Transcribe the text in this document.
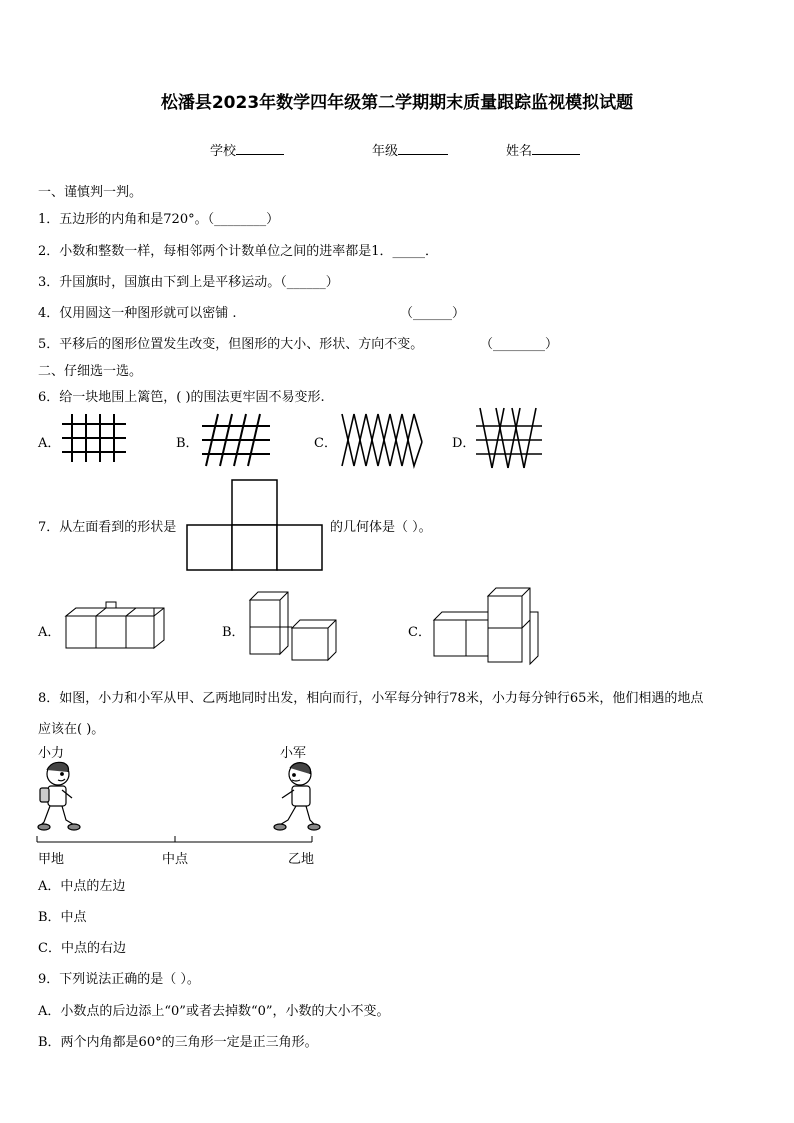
松潘县2023年数学四年级第二学期期末质量跟踪监视模拟试题
学校	年级	姓名
一、谨慎判一判。
1．五边形的内角和是720°。（________）
2．小数和整数一样，每相邻两个计数单位之间的进率都是1．_____．
3．升国旗时，国旗由下到上是平移运动。（______）
4．仅用圆这一种图形就可以密铺 .	（______）
5．平移后的图形位置发生改变，但图形的大小、形状、方向不变。	（________）
二、仔细选一选。
6．给一块地围上篱笆，( )的围法更牢固不易变形.
A．	B．	C．	D．
7．从左面看到的形状是	的几何体是（ ）。
A．	B．	C．
8．如图，小力和小军从甲、乙两地同时出发，相向而行，小军每分钟行78米，小力每分钟行65米，他们相遇的地点
应该在( )。
小力	小军
甲地	中点	乙地
A．中点的左边
B．中点
C．中点的右边
9．下列说法正确的是（ ）。
A．小数点的后边添上“0”或者去掉数“0”，小数的大小不变。
B．两个内角都是60°的三角形一定是正三角形。
